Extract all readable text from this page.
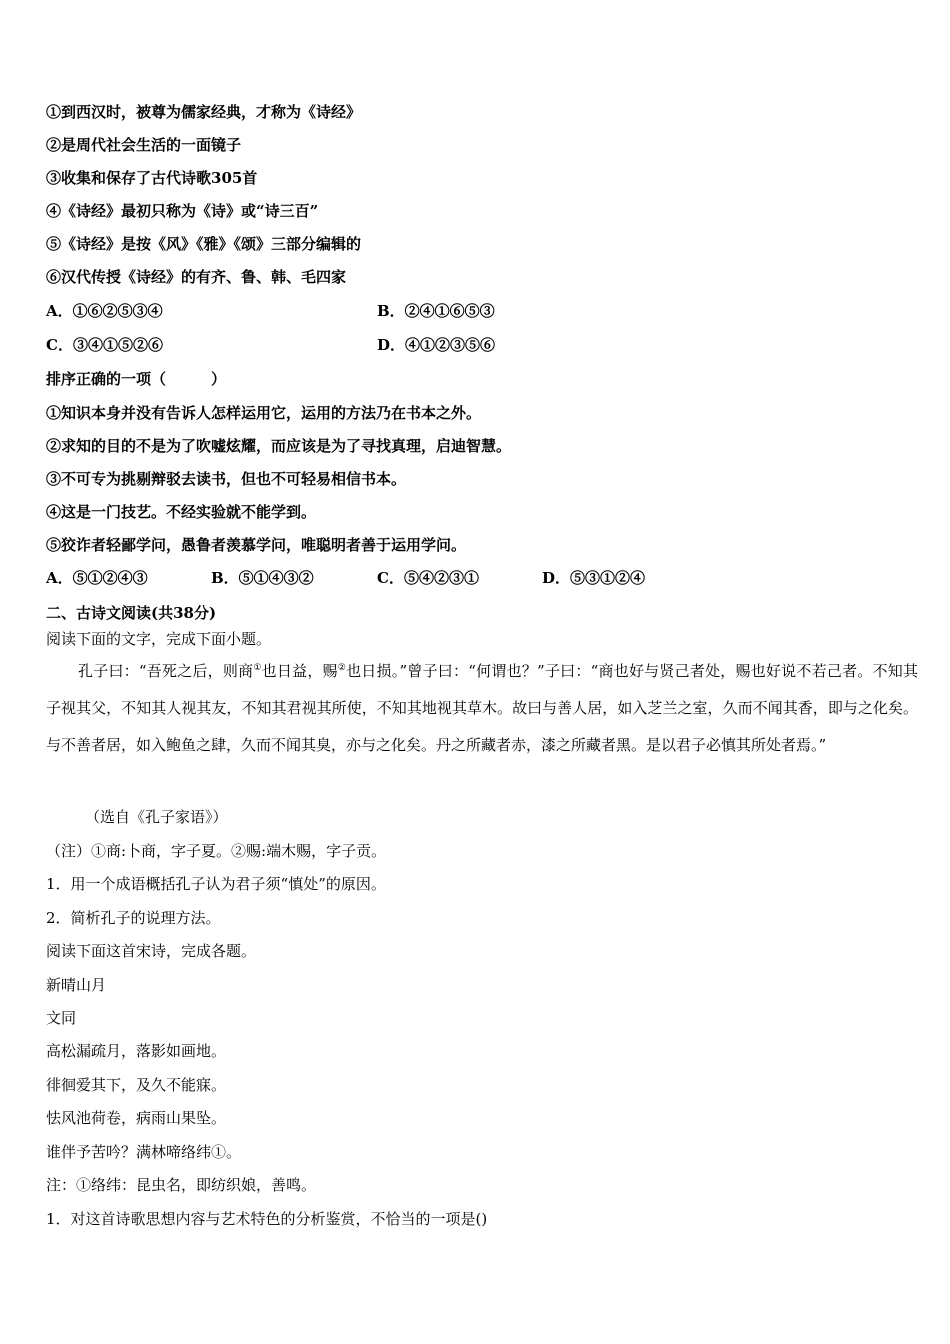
①到西汉时，被尊为儒家经典，才称为《诗经》
②是周代社会生活的一面镜子
③收集和保存了古代诗歌305首
④《诗经》最初只称为《诗》或“诗三百”
⑤《诗经》是按《风》《雅》《颂》三部分编辑的
⑥汉代传授《诗经》的有齐、鲁、韩、毛四家
A．①⑥②⑤③④	B．②④①⑥⑤③
C．③④①⑤②⑥	D．④①②③⑤⑥
排序正确的一项（　　　）
①知识本身并没有告诉人怎样运用它，运用的方法乃在书本之外。
②求知的目的不是为了吹嘘炫耀，而应该是为了寻找真理，启迪智慧。
③不可专为挑剔辩驳去读书，但也不可轻易相信书本。
④这是一门技艺。不经实验就不能学到。
⑤狡诈者轻鄙学问，愚鲁者羡慕学问，唯聪明者善于运用学问。
A．⑤①②④③	B．⑤①④③②	C．⑤④②③①	D．⑤③①②④
二、古诗文阅读(共38分)
阅读下面的文字，完成下面小题。
孔子曰：“吾死之后，则商①也日益，赐②也日损。”曾子曰：“何谓也？”子曰：“商也好与贤己者处，赐也好说不若己者。不知其子视其父，不知其人视其友，不知其君视其所使，不知其地视其草木。故曰与善人居，如入芝兰之室，久而不闻其香，即与之化矣。与不善者居，如入鲍鱼之肆，久而不闻其臭，亦与之化矣。丹之所藏者赤，漆之所藏者黑。是以君子必慎其所处者焉。”
（选自《孔子家语》）
（注）①商:卜商，字子夏。②赐:端木赐，字子贡。
1．用一个成语概括孔子认为君子须“慎处”的原因。
2．简析孔子的说理方法。
阅读下面这首宋诗，完成各题。
新晴山月
文同
高松漏疏月，落影如画地。
徘徊爱其下，及久不能寐。
怯风池荷卷，病雨山果坠。
谁伴予苦吟？满林啼络纬①。
注：①络纬：昆虫名，即纺织娘，善鸣。
1．对这首诗歌思想内容与艺术特色的分析鉴赏，不恰当的一项是()
